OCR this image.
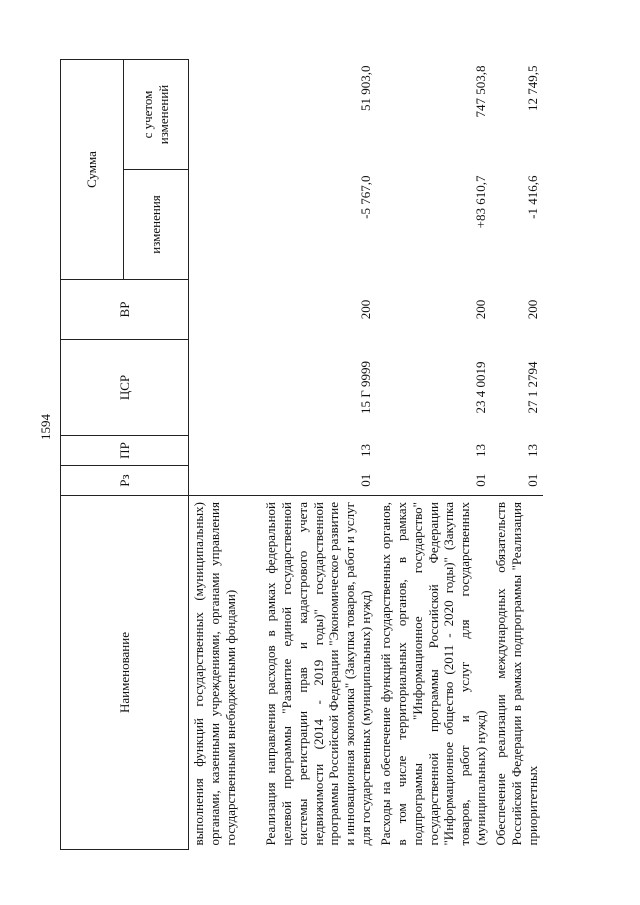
1594
Наименование	Рз	ПР	ЦСР	ВР	Сумма	
					изменения	с учетом изменений
выполнения функций государственных (муниципальных) органами, казенными учреждениями, органами управления государственными внебюджетными фондами)						
Реализация направления расходов в рамках федеральной целевой программы "Развитие единой государственной системы регистрации прав и кадастрового учета недвижимости (2014 - 2019 годы)" государственной программы Российской Федерации "Экономическое развитие и инновационная экономика" (Закупка товаров, работ и услуг для государственных (муниципальных) нужд)	01	13	15 Г 9999	200	-5 767,0	51 903,0
Расходы на обеспечение функций государственных органов, в том числе территориальных органов, в рамках подпрограммы "Информационное государство" государственной программы Российской Федерации "Информационное общество (2011 - 2020 годы)" (Закупка товаров, работ и услуг для государственных (муниципальных) нужд)	01	13	23 4 0019	200	+83 610,7	747 503,8
Обеспечение реализации международных обязательств Российской Федерации в рамках подпрограммы "Реализация приоритетных	01	13	27 1 2794	200	-1 416,6	12 749,5
